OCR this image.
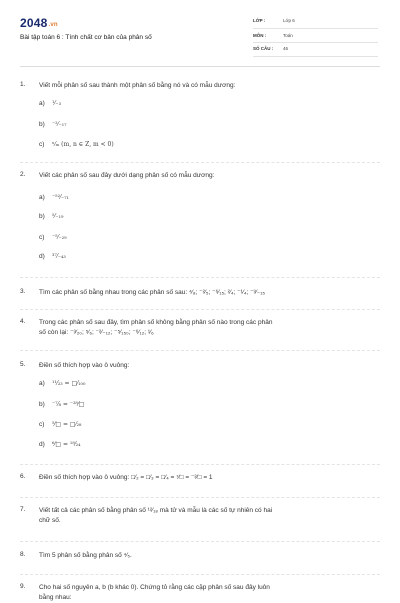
2048.vn
Bài tập toán 6 : Tính chất cơ bản của phân số
LỚP :	Lớp 6
MÔN :	Toán
SỐ CÂU : 46
1.	Viết mỗi phân số sau thành một phân số bằng nó và có mẫu dương:
a) ¹⁄₋₃
b) ⁻²⁄₋₁₇
c) ⁿ⁄ₘ (m, n ∈ Z, m < 0)
2.	Viết các phân số sau đây dưới dạng phân số có mẫu dương:
a) ⁻⁵²⁄₋₇₁
b) ⁵⁄₋₁₉
c) ⁻⁵⁄₋₂₉
d) ³⁷⁄₋₄₃
3.	Tìm các phân số bằng nhau trong các phân số sau: ⁴⁄₈; ⁻²⁄₅; ⁻⁶⁄₁₅; ²⁄₄; ⁻¹⁄₄; ⁻³⁄₋₁₅
4.	Trong các phân số sau đây, tìm phân số không bằng phân số nào trong các phân
số còn lại: ⁻³⁄₂₀; ⁵⁄₆; ⁻²⁄₋₁₂; ⁻⁵⁄₁₅₀; ⁻⁶⁄₁₂; ¹⁄₆
5.	Điền số thích hợp vào ô vuông:
a) ¹¹⁄₂₃ = □⁄₁₀₀
b) ⁻⁷⁄₈ = ⁻²⁸⁄□
c) ⁵⁄□ = □⁄₂₈
d) ⁶⁄□ = ¹⁸⁄₂₄
6.	Điền số thích hợp vào ô vuông: □⁄₂ = □⁄₃ = □⁄₄ = ⁷⁄□ = ⁻²⁄□ = 1
7.	Viết tất cả các phân số bằng phân số ¹²⁄₁₈ mà tử và mẫu là các số tự nhiên có hai
chữ số.
8.	Tìm 5 phân số bằng phân số ⁴⁄₅.
9.	Cho hai số nguyên a, b (b khác 0). Chứng tỏ rằng các cặp phân số sau đây luôn
bằng nhau:
